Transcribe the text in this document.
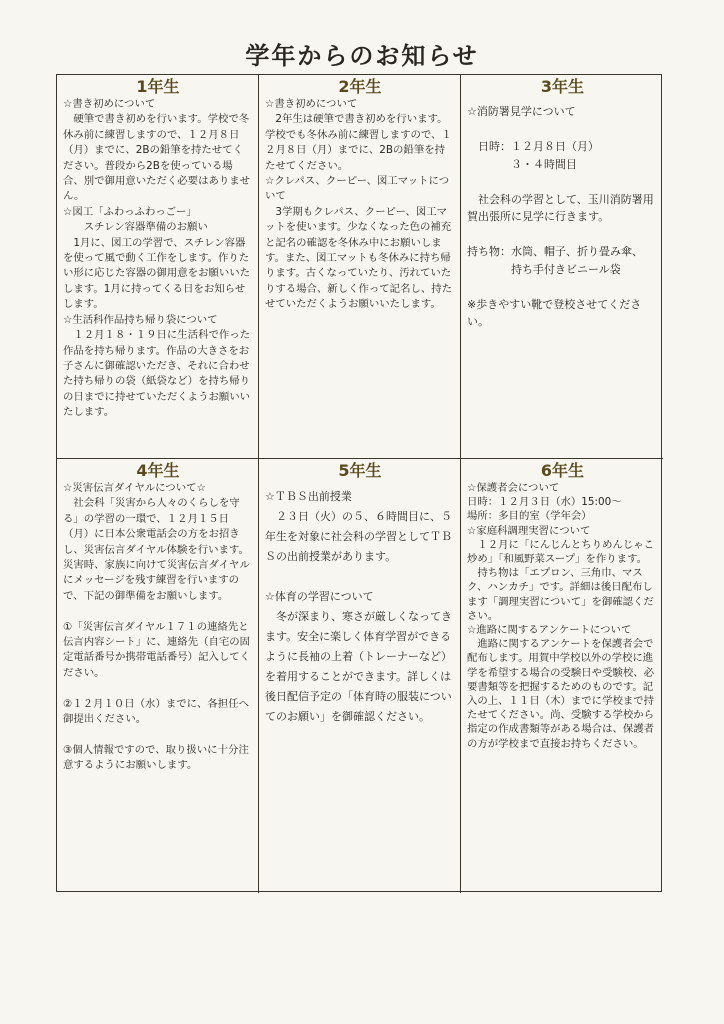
学年からのお知らせ
1年生
☆書き初めについて
　硬筆で書き初めを行います。学校で冬休み前に練習しますので、１２月８日（月）までに、2Bの鉛筆を持たせてください。普段から2Bを使っている場合、別で御用意いただく必要はありません。
☆図工「ふわっふわっごー」
　　スチレン容器準備のお願い
　1月に、図工の学習で、スチレン容器を使って風で動く工作をします。作りたい形に応じた容器の御用意をお願いいたします。1月に持ってくる日をお知らせします。
☆生活科作品持ち帰り袋について
　１２月１８・１９日に生活科で作った作品を持ち帰ります。作品の大きさをお子さんに御確認いただき、それに合わせた持ち帰りの袋（紙袋など）を持ち帰りの日までに持せていただくようお願いいたします。
2年生
☆書き初めについて
　2年生は硬筆で書き初めを行います。学校でも冬休み前に練習しますので、１２月８日（月）までに、2Bの鉛筆を持たせてください。
☆クレパス、クーピー、図工マットについて
　3学期もクレパス、クーピー、図工マットを使います。少なくなった色の補充と記名の確認を冬休み中にお願いします。また、図工マットも冬休みに持ち帰ります。古くなっていたり、汚れていたりする場合、新しく作って記名し、持たせていただくようお願いいたします。
3年生
☆消防署見学について

　日時：１２月８日（月）
　　　　３・４時間目

　社会科の学習として、玉川消防署用賀出張所に見学に行きます。

持ち物：水筒、帽子、折り畳み傘、
　　　　持ち手付きビニール袋

※歩きやすい靴で登校させてください。
4年生
☆災害伝言ダイヤルについて☆
　社会科「災害から人々のくらしを守る」の学習の一環で、１２月１５日（月）に日本公衆電話会の方をお招きし、災害伝言ダイヤル体験を行います。災害時、家族に向けて災害伝言ダイヤルにメッセージを残す練習を行いますので、下記の御準備をお願いします。

①「災害伝言ダイヤル１７１の連絡先と伝言内容シート」に、連絡先（自宅の固定電話番号か携帯電話番号）記入してください。

②１２月１０日（水）までに、各担任へ御提出ください。

③個人情報ですので、取り扱いに十分注意するようにお願いします。
5年生
☆ＴＢＳ出前授業
　２３日（火）の５、６時間目に、５年生を対象に社会科の学習としてＴＢＳの出前授業があります。

☆体育の学習について
　冬が深まり、寒さが厳しくなってきます。安全に楽しく体育学習ができるように長袖の上着（トレーナーなど）を着用することができます。詳しくは後日配信予定の「体育時の服装についてのお願い」を御確認ください。
6年生
☆保護者会について
日時：１２月３日（水）15:00～
場所：多目的室（学年会）
☆家庭科調理実習について
　１２月に「にんじんとちりめんじゃこ炒め」「和風野菜スープ」を作ります。
　持ち物は「エプロン、三角巾、マスク、ハンカチ」です。詳細は後日配布します「調理実習について」を御確認ください。
☆進路に関するアンケートについて
　進路に関するアンケートを保護者会で配布します。用賀中学校以外の学校に進学を希望する場合の受験日や受験校、必要書類等を把握するためのものです。記入の上、１１日（木）までに学校まで持たせてください。尚、受験する学校から指定の作成書類等がある場合は、保護者の方が学校まで直接お持ちください。
